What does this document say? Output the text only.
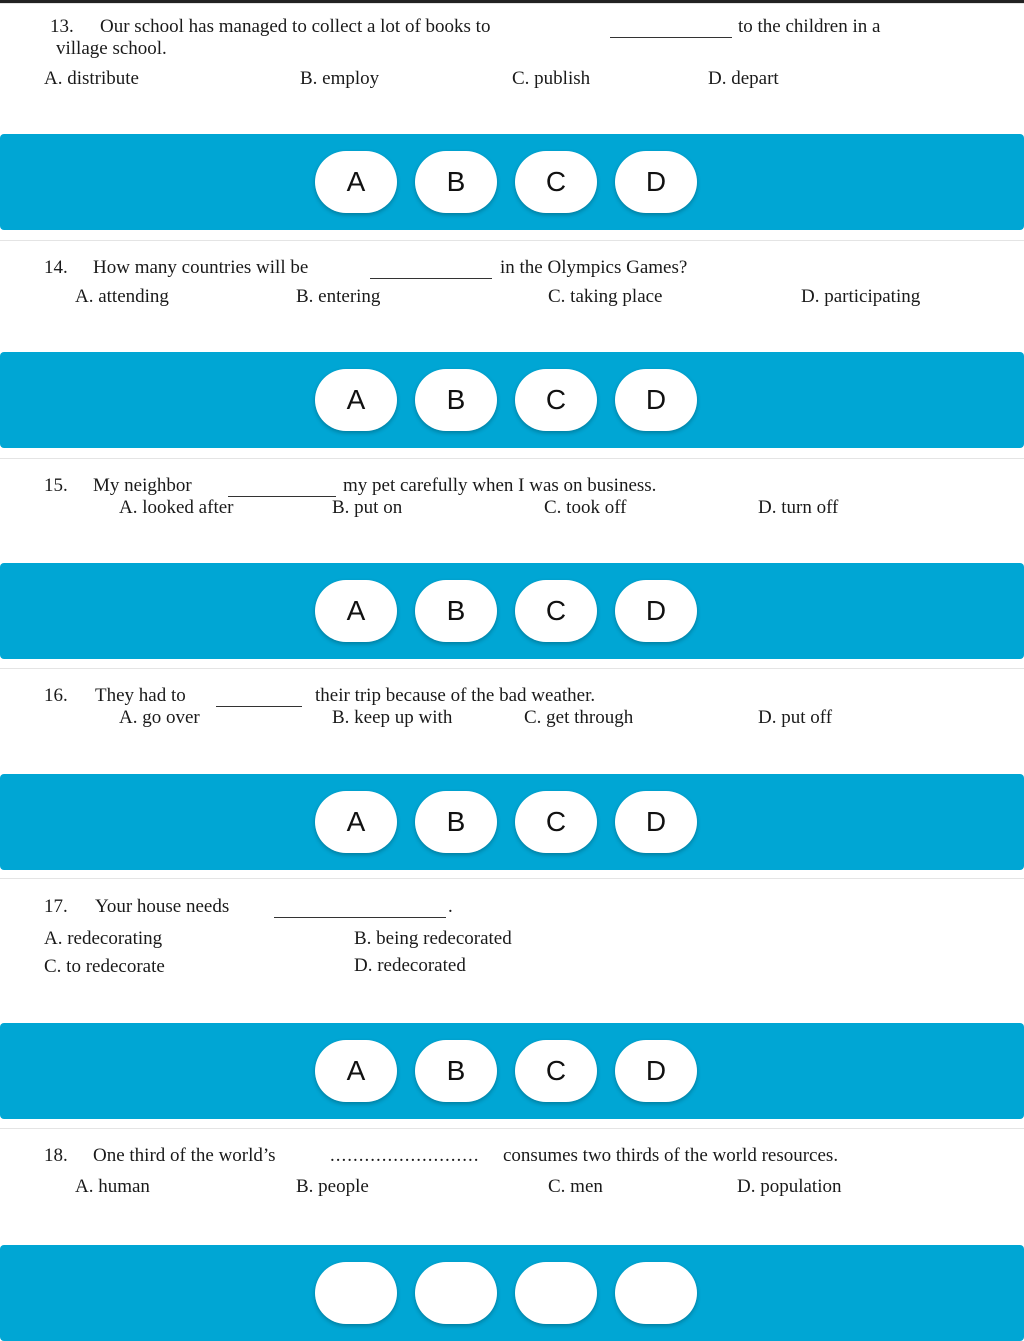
13. Our school has managed to collect a lot of books to	to the children in a
village school.
A. distribute	B. employ	C. publish	D. depart
A	B	C	D
14. How many countries will be	in the Olympics Games?
A. attending	B. entering	C. taking place	D. participating
A	B	C	D
15. My neighbor	my pet carefully when I was on business.
A. looked after	B. put on	C. took off	D. turn off
A	B	C	D
16. They had to	their trip because of the bad weather.
A. go over	B. keep up with	C. get through	D. put off
A	B	C	D
17. Your house needs	.
A. redecorating	B. being redecorated
C. to redecorate	D. redecorated
A	B	C	D
18. One third of the world’s	.......................... consumes two thirds of the world resources.
A. human	B. people	C. men	D. population
